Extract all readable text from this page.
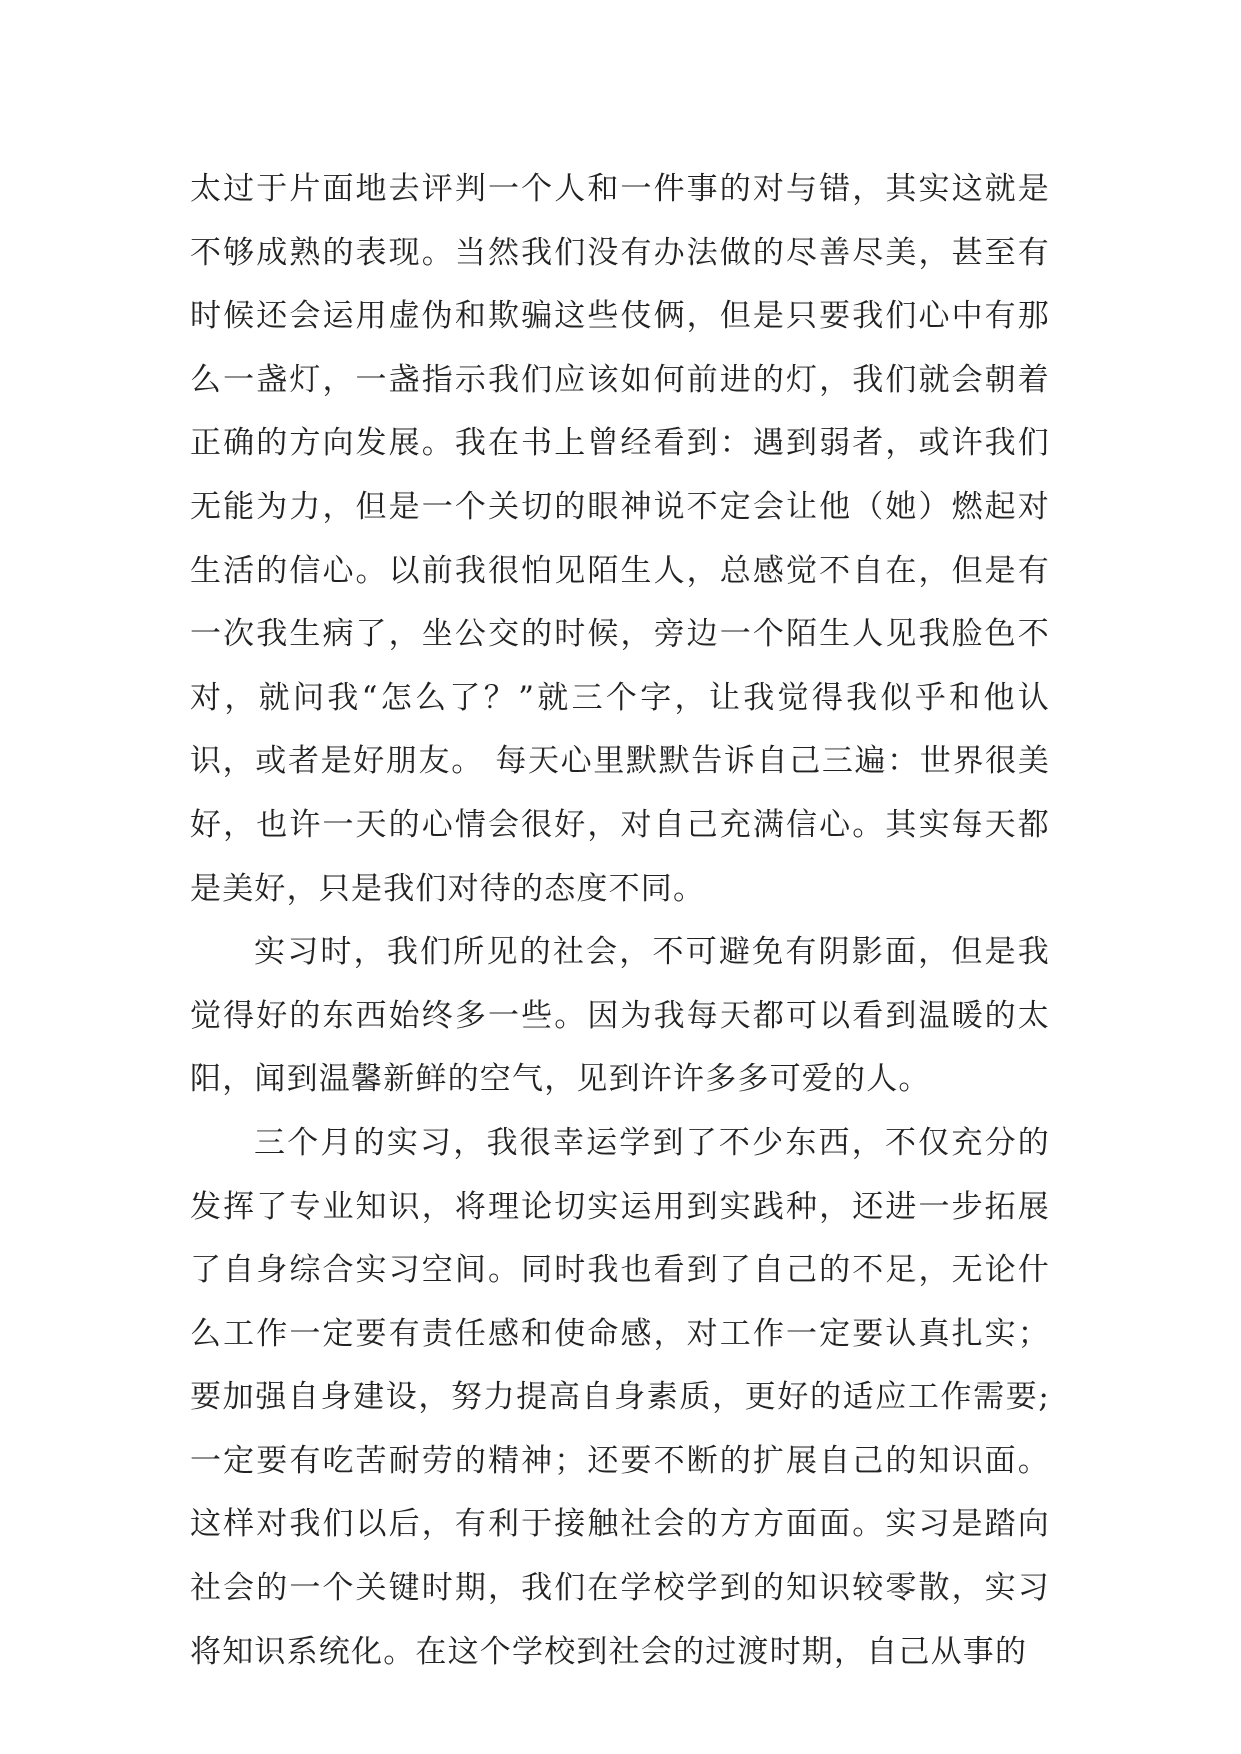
太过于片面地去评判一个人和一件事的对与错，其实这就是不够成熟的表现。当然我们没有办法做的尽善尽美，甚至有时候还会运用虚伪和欺骗这些伎俩，但是只要我们心中有那么一盏灯，一盏指示我们应该如何前进的灯，我们就会朝着正确的方向发展。我在书上曾经看到：遇到弱者，或许我们无能为力，但是一个关切的眼神说不定会让他（她）燃起对生活的信心。以前我很怕见陌生人，总感觉不自在，但是有一次我生病了，坐公交的时候，旁边一个陌生人见我脸色不对，就问我“怎么了？”就三个字，让我觉得我似乎和他认识，或者是好朋友。 每天心里默默告诉自己三遍：世界很美好，也许一天的心情会很好，对自己充满信心。其实每天都是美好，只是我们对待的态度不同。

实习时，我们所见的社会，不可避免有阴影面，但是我觉得好的东西始终多一些。因为我每天都可以看到温暖的太阳，闻到温馨新鲜的空气，见到许许多多可爱的人。

三个月的实习，我很幸运学到了不少东西，不仅充分的发挥了专业知识，将理论切实运用到实践种，还进一步拓展了自身综合实习空间。同时我也看到了自己的不足，无论什么工作一定要有责任感和使命感，对工作一定要认真扎实；要加强自身建设，努力提高自身素质，更好的适应工作需要;一定要有吃苦耐劳的精神；还要不断的扩展自己的知识面。这样对我们以后，有利于接触社会的方方面面。实习是踏向社会的一个关键时期，我们在学校学到的知识较零散，实习将知识系统化。在这个学校到社会的过渡时期，自己从事的
